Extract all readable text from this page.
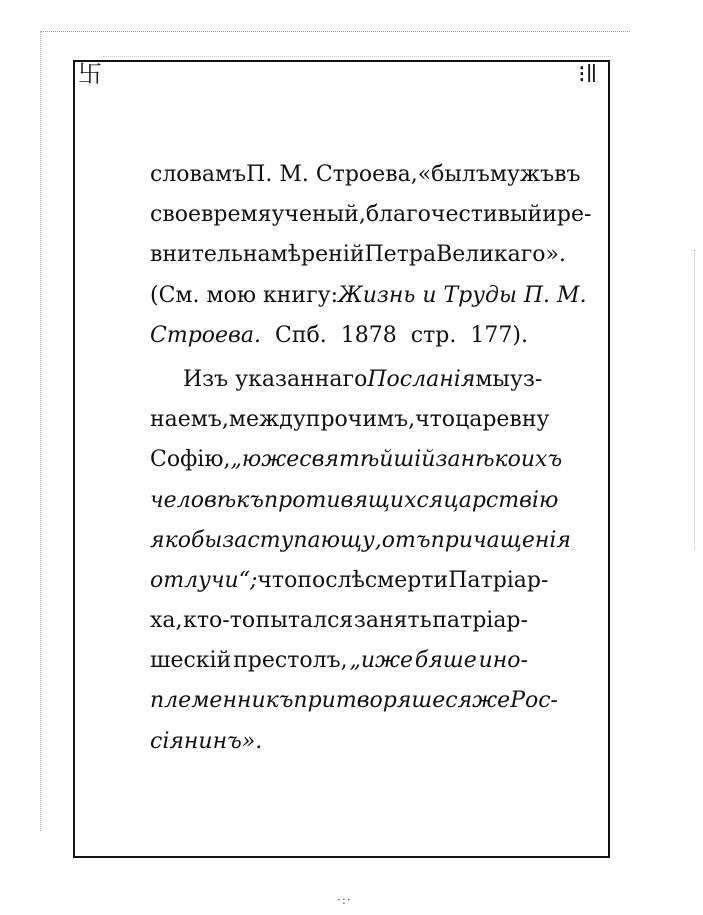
卐	⁝ǁ
·:·
словамъ П. М. Строева, «былъ мужъ въ
свое время ученый, благочестивый и ре-
внитель намѣреній Петра Великаго».
(См. мою книгу: Жизнь и Труды П. М.
Строева. Спб. 1878 стр. 177).
Изъ указаннаго Посланія мы уз-
наемъ, между прочимъ, что царевну
Софію, „юже святѣйшій за нѣкоихъ
человѣкъ противящихся царствію
якобы заступающу, отъ причащенія
отлучи“; что послѣ смерти Патріар-
ха, кто-то пытался занять патріар-
шескій престолъ, „иже бяше ино-
племенникъ притворяшеся же Рос-
сіянинъ».
